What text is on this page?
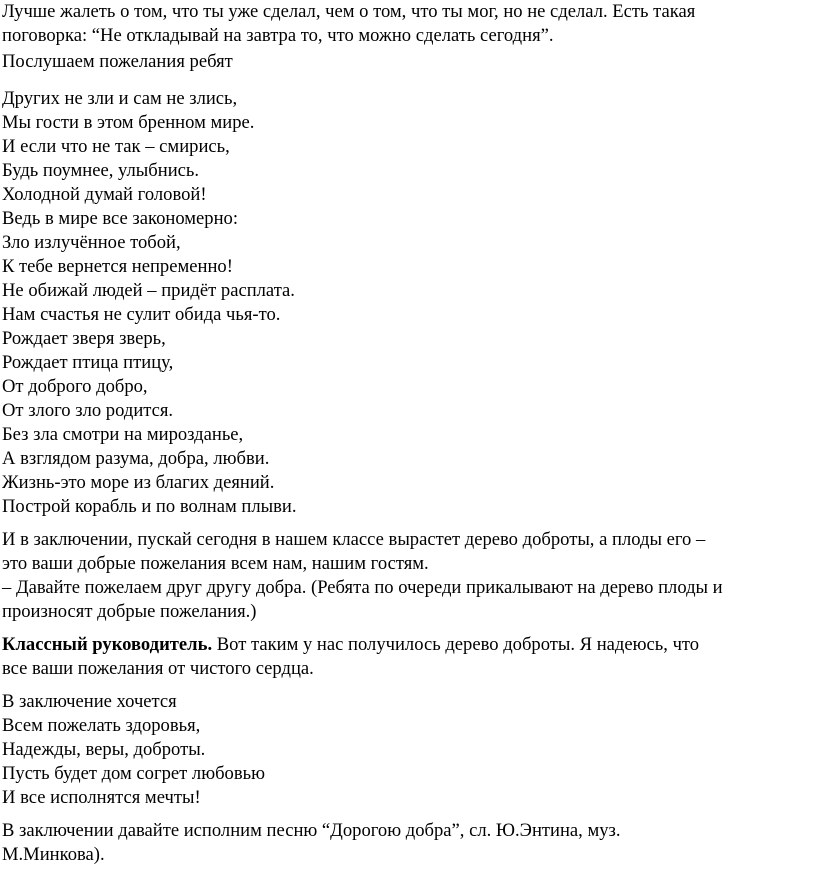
Лучше жалеть о том, что ты уже сделал, чем о том, что ты мог, но не сделал. Есть такая
поговорка: “Не откладывай на завтра то, что можно сделать сегодня”.
Послушаем пожелания ребят
Других не зли и сам не злись,
Мы гости в этом бренном мире.
И если что не так – смирись,
Будь поумнее, улыбнись.
Холодной думай головой!
Ведь в мире все закономерно:
Зло излучённое тобой,
К тебе вернется непременно!
Не обижай людей – придёт расплата.
Нам счастья не сулит обида чья-то.
Рождает зверя зверь,
Рождает птица птицу,
От доброго добро,
От злого зло родится.
Без зла смотри на мирозданье,
А взглядом разума, добра, любви.
Жизнь-это море из благих деяний.
Построй корабль и по волнам плыви.
И в заключении, пускай сегодня в нашем классе вырастет дерево доброты, а плоды его –
это ваши добрые пожелания всем нам, нашим гостям.
– Давайте пожелаем друг другу добра. (Ребята по очереди прикалывают на дерево плоды и
произносят добрые пожелания.)
Классный руководитель. Вот таким у нас получилось дерево доброты. Я надеюсь, что
все ваши пожелания от чистого сердца.
В заключение хочется
Всем пожелать здоровья,
Надежды, веры, доброты.
Пусть будет дом согрет любовью
И все исполнятся мечты!
В заключении давайте исполним песню “Дорогою добра”, сл. Ю.Энтина, муз.
М.Минкова).
